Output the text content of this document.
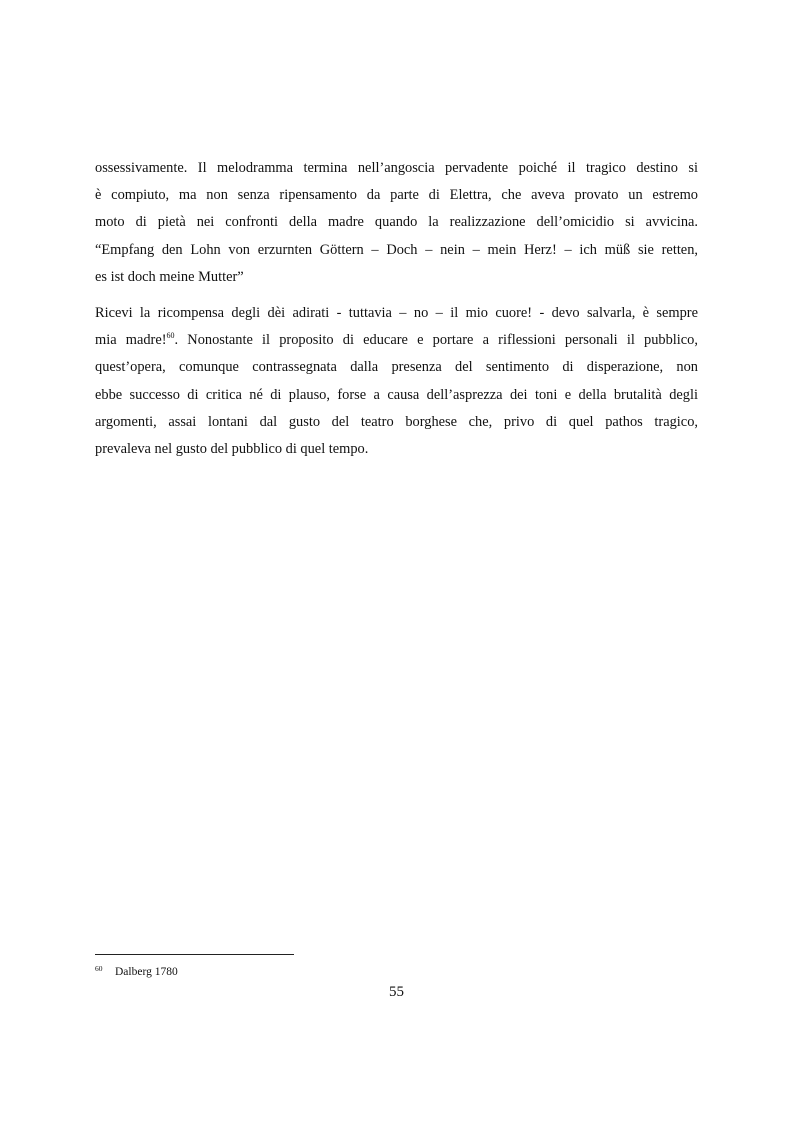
ossessivamente. Il melodramma termina nell’angoscia pervadente poiché il tragico destino si
è compiuto, ma non senza ripensamento da parte di Elettra, che aveva provato un estremo
moto di pietà nei confronti della madre quando la realizzazione dell’omicidio si avvicina.
“Empfang den Lohn von erzurnten Göttern – Doch – nein – mein Herz! – ich müß sie retten,
es ist doch meine Mutter”

Ricevi la ricompensa degli dèi adirati - tuttavia – no – il mio cuore! - devo salvarla, è sempre
mia madre!$^{60}$. Nonostante il proposito di educare e portare a riflessioni personali il pubblico,
quest’opera, comunque contrassegnata dalla presenza del sentimento di disperazione, non
ebbe successo di critica né di plauso, forse a causa dell’asprezza dei toni e della brutalità degli
argomenti, assai lontani dal gusto del teatro borghese che, privo di quel pathos tragico,
prevaleva nel gusto del pubblico di quel tempo.

60 Dalberg 1780
55
